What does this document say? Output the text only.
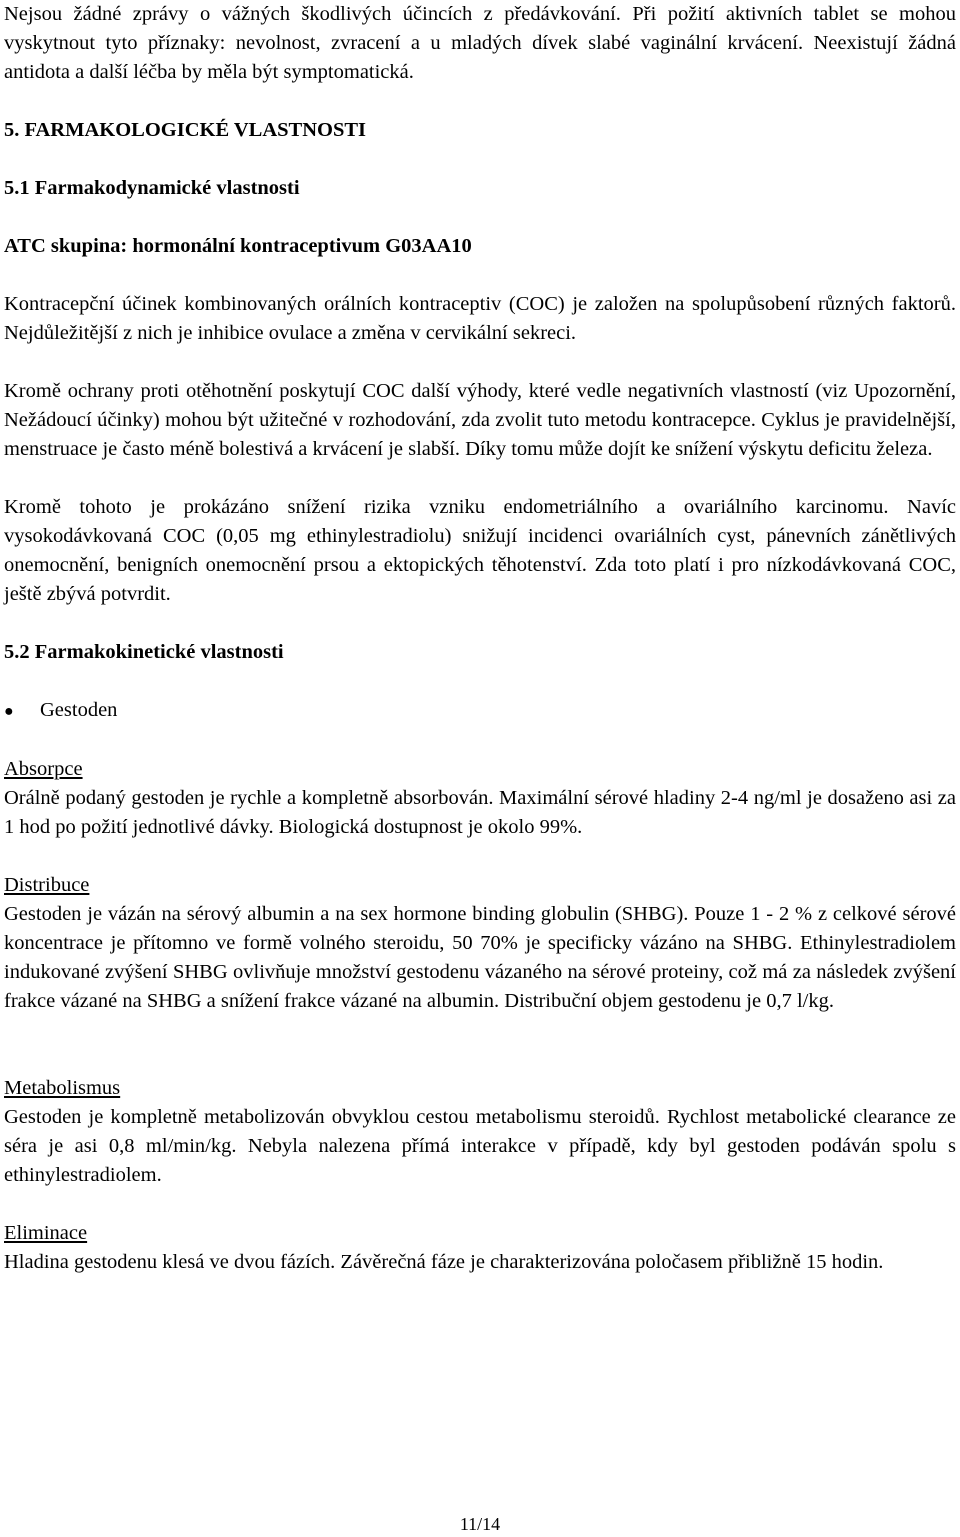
Nejsou žádné zprávy o vážných škodlivých účincích z předávkování. Při požití aktivních tablet se mohou vyskytnout tyto příznaky: nevolnost, zvracení a u mladých dívek slabé vaginální krvácení. Neexistují žádná antidota a další léčba by měla být symptomatická.

5. FARMAKOLOGICKÉ VLASTNOSTI

5.1 Farmakodynamické vlastnosti

ATC skupina: hormonální kontraceptivum G03AA10

Kontracepční účinek kombinovaných orálních kontraceptiv (COC) je založen na spolupůsobení různých faktorů. Nejdůležitější z nich je inhibice ovulace a změna v cervikální sekreci.

Kromě ochrany proti otěhotnění poskytují COC další výhody, které vedle negativních vlastností (viz Upozornění, Nežádoucí účinky) mohou být užitečné v rozhodování, zda zvolit tuto metodu kontracepce. Cyklus je pravidelnější, menstruace je často méně bolestivá a krvácení je slabší. Díky tomu může dojít ke snížení výskytu deficitu železa.

Kromě tohoto je prokázáno snížení rizika vzniku endometriálního a ovariálního karcinomu. Navíc vysokodávkovaná COC (0,05 mg ethinylestradiolu) snižují incidenci ovariálních cyst, pánevních zánětlivých onemocnění, benigních onemocnění prsou a ektopických těhotenství. Zda toto platí i pro nízkodávkovaná COC, ještě zbývá potvrdit.

5.2 Farmakokinetické vlastnosti

●	Gestoden

Absorpce

Orálně podaný gestoden je rychle a kompletně absorbován. Maximální sérové hladiny 2-4 ng/ml je dosaženo asi za 1 hod po požití jednotlivé dávky. Biologická dostupnost je okolo 99%.

Distribuce

Gestoden je vázán na sérový albumin a na sex hormone binding globulin (SHBG). Pouze 1 - 2 % z celkové sérové koncentrace je přítomno ve formě volného steroidu, 50 70% je specificky vázáno na SHBG. Ethinylestradiolem indukované zvýšení SHBG ovlivňuje množství gestodenu vázaného na sérové proteiny, což má za následek zvýšení frakce vázané na SHBG a snížení frakce vázané na albumin. Distribuční objem gestodenu je 0,7 l/kg.

Metabolismus

Gestoden je kompletně metabolizován obvyklou cestou metabolismu steroidů. Rychlost metabolické clearance ze séra je asi 0,8 ml/min/kg. Nebyla nalezena přímá interakce v případě, kdy byl gestoden podáván spolu s ethinylestradiolem.

Eliminace

Hladina gestodenu klesá ve dvou fázích. Závěrečná fáze je charakterizována poločasem přibližně 15 hodin.

11/14
